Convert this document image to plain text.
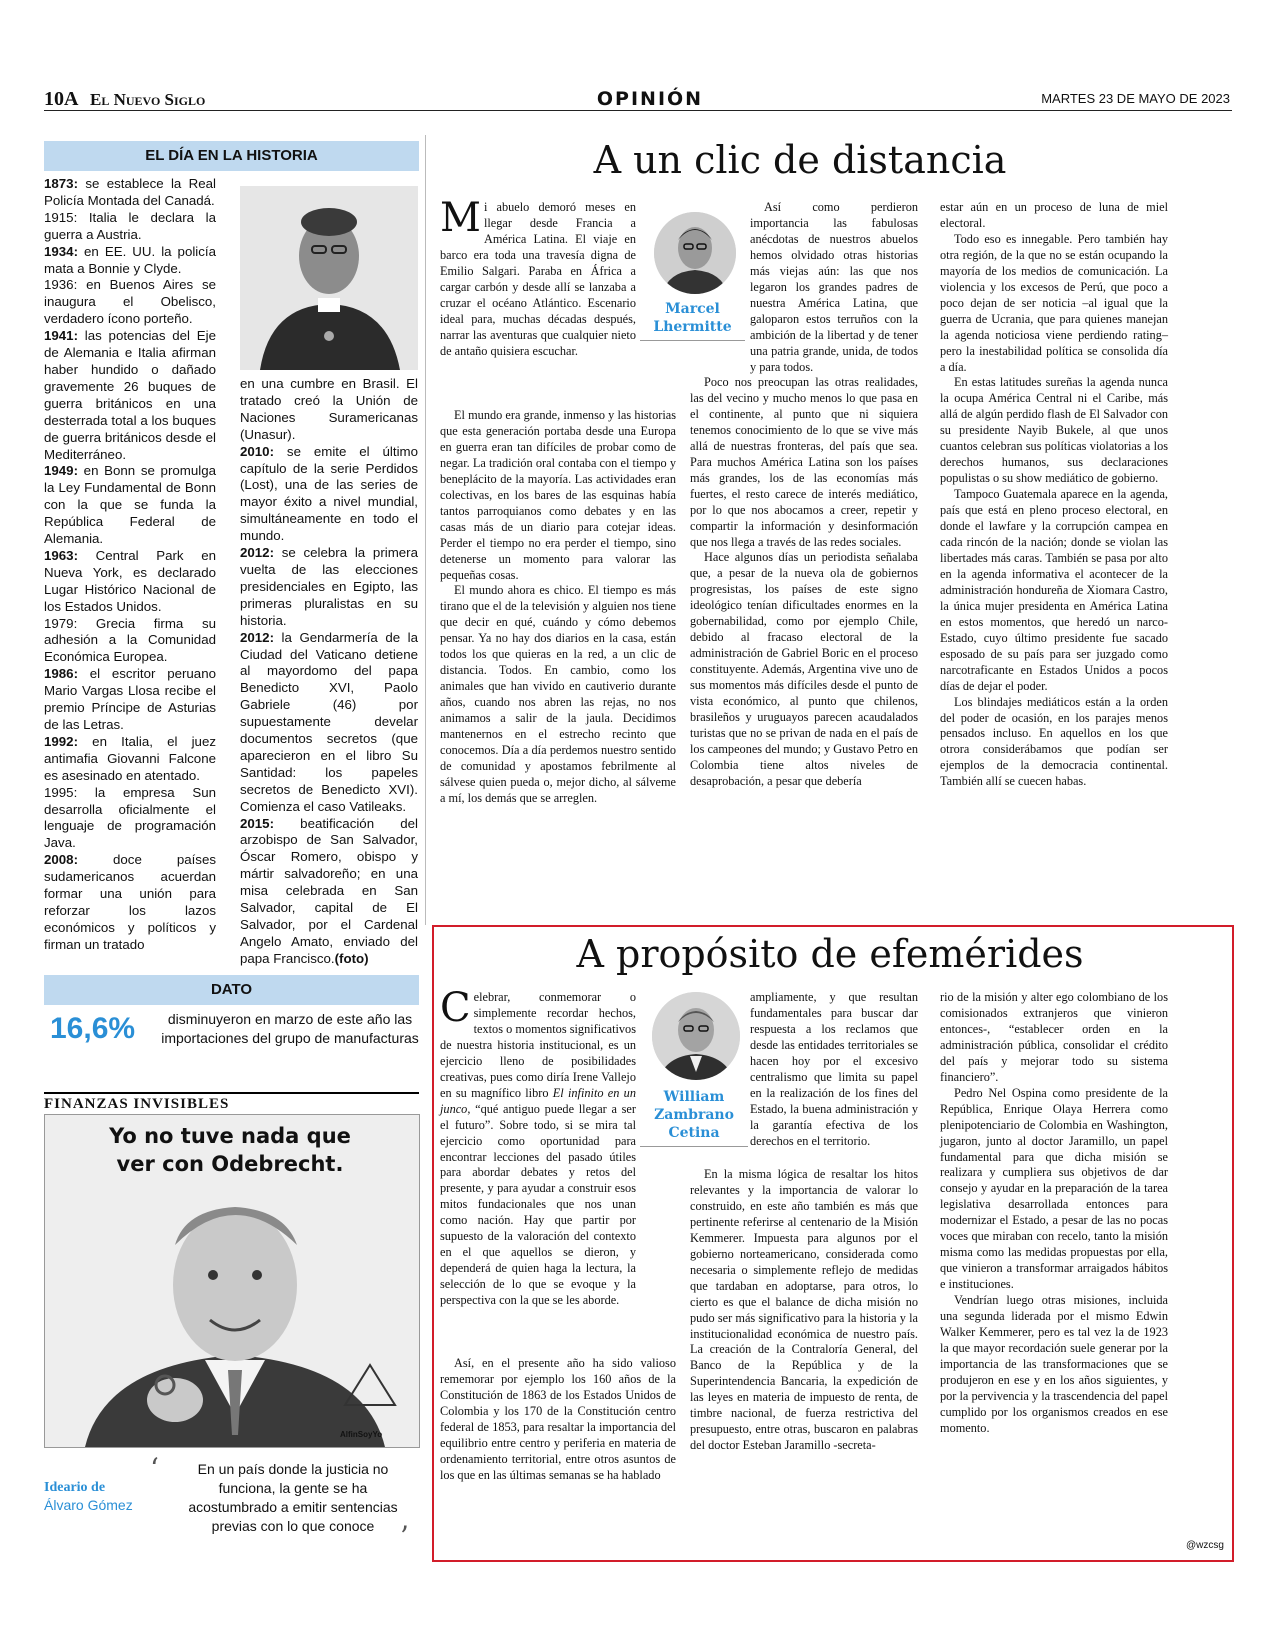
10A El Nuevo Siglo	OPINIÓN	MARTES 23 DE MAYO DE 2023
EL DÍA EN LA HISTORIA

1873: se establece la Real Policía Montada del Canadá.

1915: Italia le declara la guerra a Austria.

1934: en EE. UU. la policía mata a Bonnie y Clyde.

1936: en Buenos Aires se inaugura el Obelisco, verdadero ícono porteño.

1941: las potencias del Eje de Alemania e Italia afirman haber hundido o dañado gravemente 26 buques de guerra británicos en una desterrada total a los buques de guerra británicos desde el Mediterráneo.

1949: en Bonn se promulga la Ley Fundamental de Bonn con la que se funda la República Federal de Alemania.

1963: Central Park en Nueva York, es declarado Lugar Histórico Nacional de los Estados Unidos.

1979: Grecia firma su adhesión a la Comunidad Económica Europea.

1986: el escritor peruano Mario Vargas Llosa recibe el premio Príncipe de Asturias de las Letras.

1992: en Italia, el juez antimafia Giovanni Falcone es asesinado en atentado.

1995: la empresa Sun desarrolla oficialmente el lenguaje de programación Java.

2008: doce países sudamericanos acuerdan formar una unión para reforzar los lazos económicos y políticos y firman un tratado

en una cumbre en Brasil. El tratado creó la Unión de Naciones Suramericanas (Unasur).

2010: se emite el último capítulo de la serie Perdidos (Lost), una de las series de mayor éxito a nivel mundial, simultáneamente en todo el mundo.

2012: se celebra la primera vuelta de las elecciones presidenciales en Egipto, las primeras pluralistas en su historia.

2012: la Gendarmería de la Ciudad del Vaticano detiene al mayordomo del papa Benedicto XVI, Paolo Gabriele (46) por supuestamente develar documentos secretos (que aparecieron en el libro Su Santidad: los papeles secretos de Benedicto XVI). Comienza el caso Vatileaks.

2015: beatificación del arzobispo de San Salvador, Óscar Romero, obispo y mártir salvadoreño; en una misa celebrada en San Salvador, capital de El Salvador, por el Cardenal Angelo Amato, enviado del papa Francisco.(foto)

DATO
16,6%	disminuyeron en marzo de este año las importaciones del grupo de manufacturas
FINANZAS INVISIBLES
Yo no tuve nada que
ver con Odebrecht.
AlfinSoyYo
Ideario de
Álvaro Gómez
‘	En un país donde la justicia no funciona, la gente se ha acostumbrado a emitir sentencias previas con lo que conoce ’
A un clic de distancia
Marcel
Lhermitte

Mi abuelo demoró meses en llegar desde Francia a América Latina. El viaje en barco era toda una travesía digna de Emilio Salgari. Paraba en África a cargar carbón y desde allí se lanzaba a cruzar el océano Atlántico. Escenario ideal para, muchas décadas después, narrar las aventuras que cualquier nieto de antaño quisiera escuchar.

El mundo era grande, inmenso y las historias que esta generación portaba desde una Europa en guerra eran tan difíciles de probar como de negar. La tradición oral contaba con el tiempo y beneplácito de la mayoría. Las actividades eran colectivas, en los bares de las esquinas había tantos parroquianos como debates y en las casas más de un diario para cotejar ideas. Perder el tiempo no era perder el tiempo, sino detenerse un momento para valorar las pequeñas cosas.

El mundo ahora es chico. El tiempo es más tirano que el de la televisión y alguien nos tiene que decir en qué, cuándo y cómo debemos pensar. Ya no hay dos diarios en la casa, están todos los que quieras en la red, a un clic de distancia. Todos. En cambio, como los animales que han vivido en cautiverio durante años, cuando nos abren las rejas, no nos animamos a salir de la jaula. Decidimos mantenernos en el estrecho recinto que conocemos. Día a día perdemos nuestro sentido de comunidad y apostamos febrilmente al sálvese quien pueda o, mejor dicho, al sálveme a mí, los demás que se arreglen.

Así como perdieron importancia las fabulosas anécdotas de nuestros abuelos hemos olvidado otras historias más viejas aún: las que nos legaron los grandes padres de nuestra América Latina, que galoparon estos terruños con la ambición de la libertad y de tener una patria grande, unida, de todos y para todos.

Poco nos preocupan las otras realidades, las del vecino y mucho menos lo que pasa en el continente, al punto que ni siquiera tenemos conocimiento de lo que se vive más allá de nuestras fronteras, del país que sea. Para muchos América Latina son los países más grandes, los de las economías más fuertes, el resto carece de interés mediático, por lo que nos abocamos a creer, repetir y compartir la información y desinformación que nos llega a través de las redes sociales.

Hace algunos días un periodista señalaba que, a pesar de la nueva ola de gobiernos progresistas, los países de este signo ideológico tenían dificultades enormes en la gobernabilidad, como por ejemplo Chile, debido al fracaso electoral de la administración de Gabriel Boric en el proceso constituyente. Además, Argentina vive uno de sus momentos más difíciles desde el punto de vista económico, al punto que chilenos, brasileños y uruguayos parecen acaudalados turistas que no se privan de nada en el país de los campeones del mundo; y Gustavo Petro en Colombia tiene altos niveles de desaprobación, a pesar que debería

estar aún en un proceso de luna de miel electoral.

Todo eso es innegable. Pero también hay otra región, de la que no se están ocupando la mayoría de los medios de comunicación. La violencia y los excesos de Perú, que poco a poco dejan de ser noticia –al igual que la guerra de Ucrania, que para quienes manejan la agenda noticiosa viene perdiendo rating– pero la inestabilidad política se consolida día a día.

En estas latitudes sureñas la agenda nunca la ocupa América Central ni el Caribe, más allá de algún perdido flash de El Salvador con su presidente Nayib Bukele, al que unos cuantos celebran sus políticas violatorias a los derechos humanos, sus declaraciones populistas o su show mediático de gobierno.

Tampoco Guatemala aparece en la agenda, país que está en pleno proceso electoral, en donde el lawfare y la corrupción campea en cada rincón de la nación; donde se violan las libertades más caras. También se pasa por alto en la agenda informativa el acontecer de la administración hondureña de Xiomara Castro, la única mujer presidenta en América Latina en estos momentos, que heredó un narco-Estado, cuyo último presidente fue sacado esposado de su país para ser juzgado como narcotraficante en Estados Unidos a pocos días de dejar el poder.

Los blindajes mediáticos están a la orden del poder de ocasión, en los parajes menos pensados incluso. En aquellos en los que otrora considerábamos que podían ser ejemplos de la democracia continental. También allí se cuecen habas.

A propósito de efemérides
William
Zambrano
Cetina

Celebrar, conmemorar o simplemente recordar hechos, textos o momentos significativos de nuestra historia institucional, es un ejercicio lleno de posibilidades creativas, pues como diría Irene Vallejo en su magnífico libro El infinito en un junco, “qué antiguo puede llegar a ser el futuro”. Sobre todo, si se mira tal ejercicio como oportunidad para encontrar lecciones del pasado útiles para abordar debates y retos del presente, y para ayudar a construir esos mitos fundacionales que nos unan como nación. Hay que partir por supuesto de la valoración del contexto en el que aquellos se dieron, y dependerá de quien haga la lectura, la selección de lo que se evoque y la perspectiva con la que se les aborde.

Así, en el presente año ha sido valioso rememorar por ejemplo los 160 años de la Constitución de 1863 de los Estados Unidos de Colombia y los 170 de la Constitución centro federal de 1853, para resaltar la importancia del equilibrio entre centro y periferia en materia de ordenamiento territorial, entre otros asuntos de los que en las últimas semanas se ha hablado

ampliamente, y que resultan fundamentales para buscar dar respuesta a los reclamos que desde las entidades territoriales se hacen hoy por el excesivo centralismo que limita su papel en la realización de los fines del Estado, la buena administración y la garantía efectiva de los derechos en el territorio.

En la misma lógica de resaltar los hitos relevantes y la importancia de valorar lo construido, en este año también es más que pertinente referirse al centenario de la Misión Kemmerer. Impuesta para algunos por el gobierno norteamericano, considerada como necesaria o simplemente reflejo de medidas que tardaban en adoptarse, para otros, lo cierto es que el balance de dicha misión no pudo ser más significativo para la historia y la institucionalidad económica de nuestro país. La creación de la Contraloría General, del Banco de la República y de la Superintendencia Bancaria, la expedición de las leyes en materia de impuesto de renta, de timbre nacional, de fuerza restrictiva del presupuesto, entre otras, buscaron en palabras del doctor Esteban Jaramillo -secreta-

rio de la misión y alter ego colombiano de los comisionados extranjeros que vinieron entonces-, “establecer orden en la administración pública, consolidar el crédito del país y mejorar todo su sistema financiero”.

Pedro Nel Ospina como presidente de la República, Enrique Olaya Herrera como plenipotenciario de Colombia en Washington, jugaron, junto al doctor Jaramillo, un papel fundamental para que dicha misión se realizara y cumpliera sus objetivos de dar consejo y ayudar en la preparación de la tarea legislativa desarrollada entonces para modernizar el Estado, a pesar de las no pocas voces que miraban con recelo, tanto la misión misma como las medidas propuestas por ella, que vinieron a transformar arraigados hábitos e instituciones.

Vendrían luego otras misiones, incluida una segunda liderada por el mismo Edwin Walker Kemmerer, pero es tal vez la de 1923 la que mayor recordación suele generar por la importancia de las transformaciones que se produjeron en ese y en los años siguientes, y por la pervivencia y la trascendencia del papel cumplido por los organismos creados en ese momento.

@wzcsg
